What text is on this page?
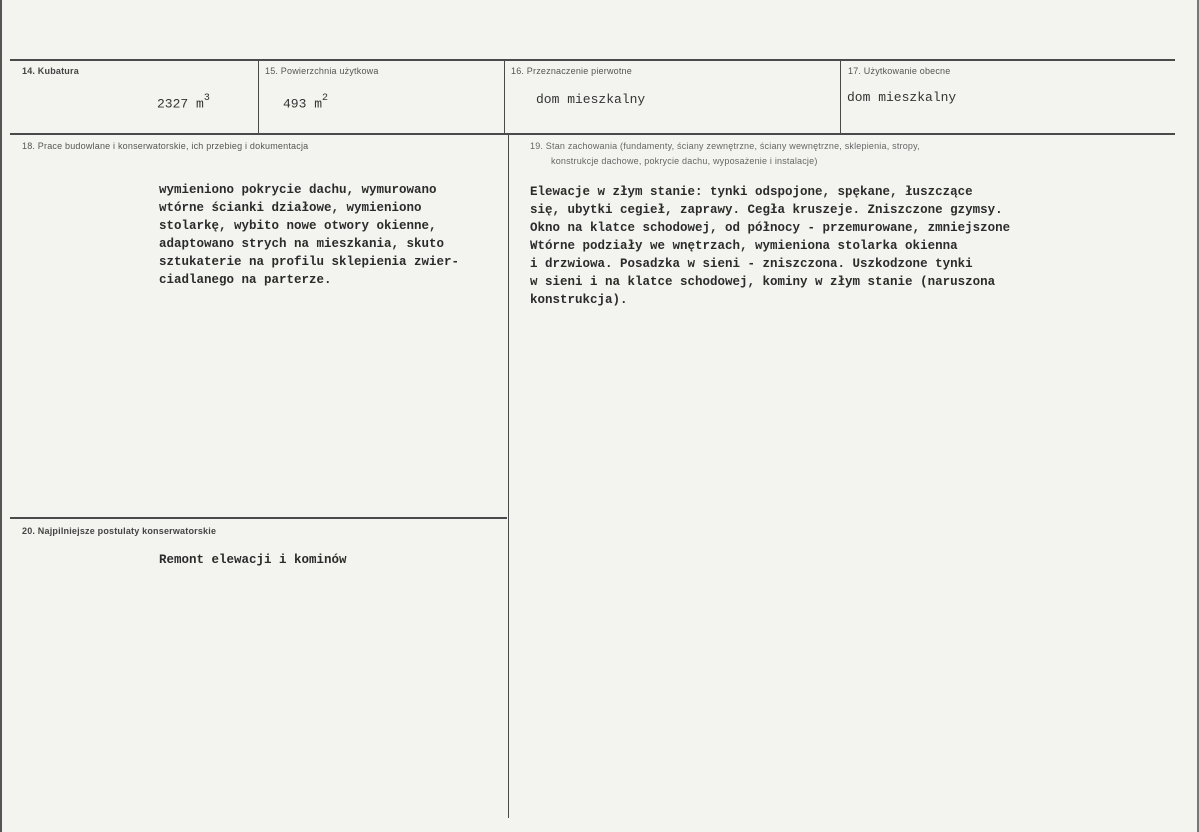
14. Kubatura
2327 $m^3$
15. Powierzchnia użytkowa
493 $m^2$
16. Przeznaczenie pierwotne
dom mieszkalny
17. Użytkowanie obecne
dom mieszkalny
18. Prace budowlane i konserwatorskie, ich przebieg i dokumentacja
wymieniono pokrycie dachu, wymurowano
wtórne ścianki działowe, wymieniono
stolarkę, wybito nowe otwory okienne,
adaptowano strych na mieszkania, skuto
sztukaterie na profilu sklepienia zwier-
ciadlanego na parterze.
19. Stan zachowania (fundamenty, ściany zewnętrzne, ściany wewnętrzne, sklepienia, stropy,
konstrukcje dachowe, pokrycie dachu, wyposażenie i instalacje)
Elewacje w złym stanie: tynki odspojone, spękane, łuszczące
się, ubytki cegieł, zaprawy. Cegła kruszeje. Zniszczone gzymsy.
Okno na klatce schodowej, od północy - przemurowane, zmniejszone
Wtórne podziały we wnętrzach, wymieniona stolarka okienna
i drzwiowa. Posadzka w sieni - zniszczona. Uszkodzone tynki
w sieni i na klatce schodowej, kominy w złym stanie (naruszona
konstrukcja).
20. Najpilniejsze postulaty konserwatorskie
Remont elewacji i kominów
